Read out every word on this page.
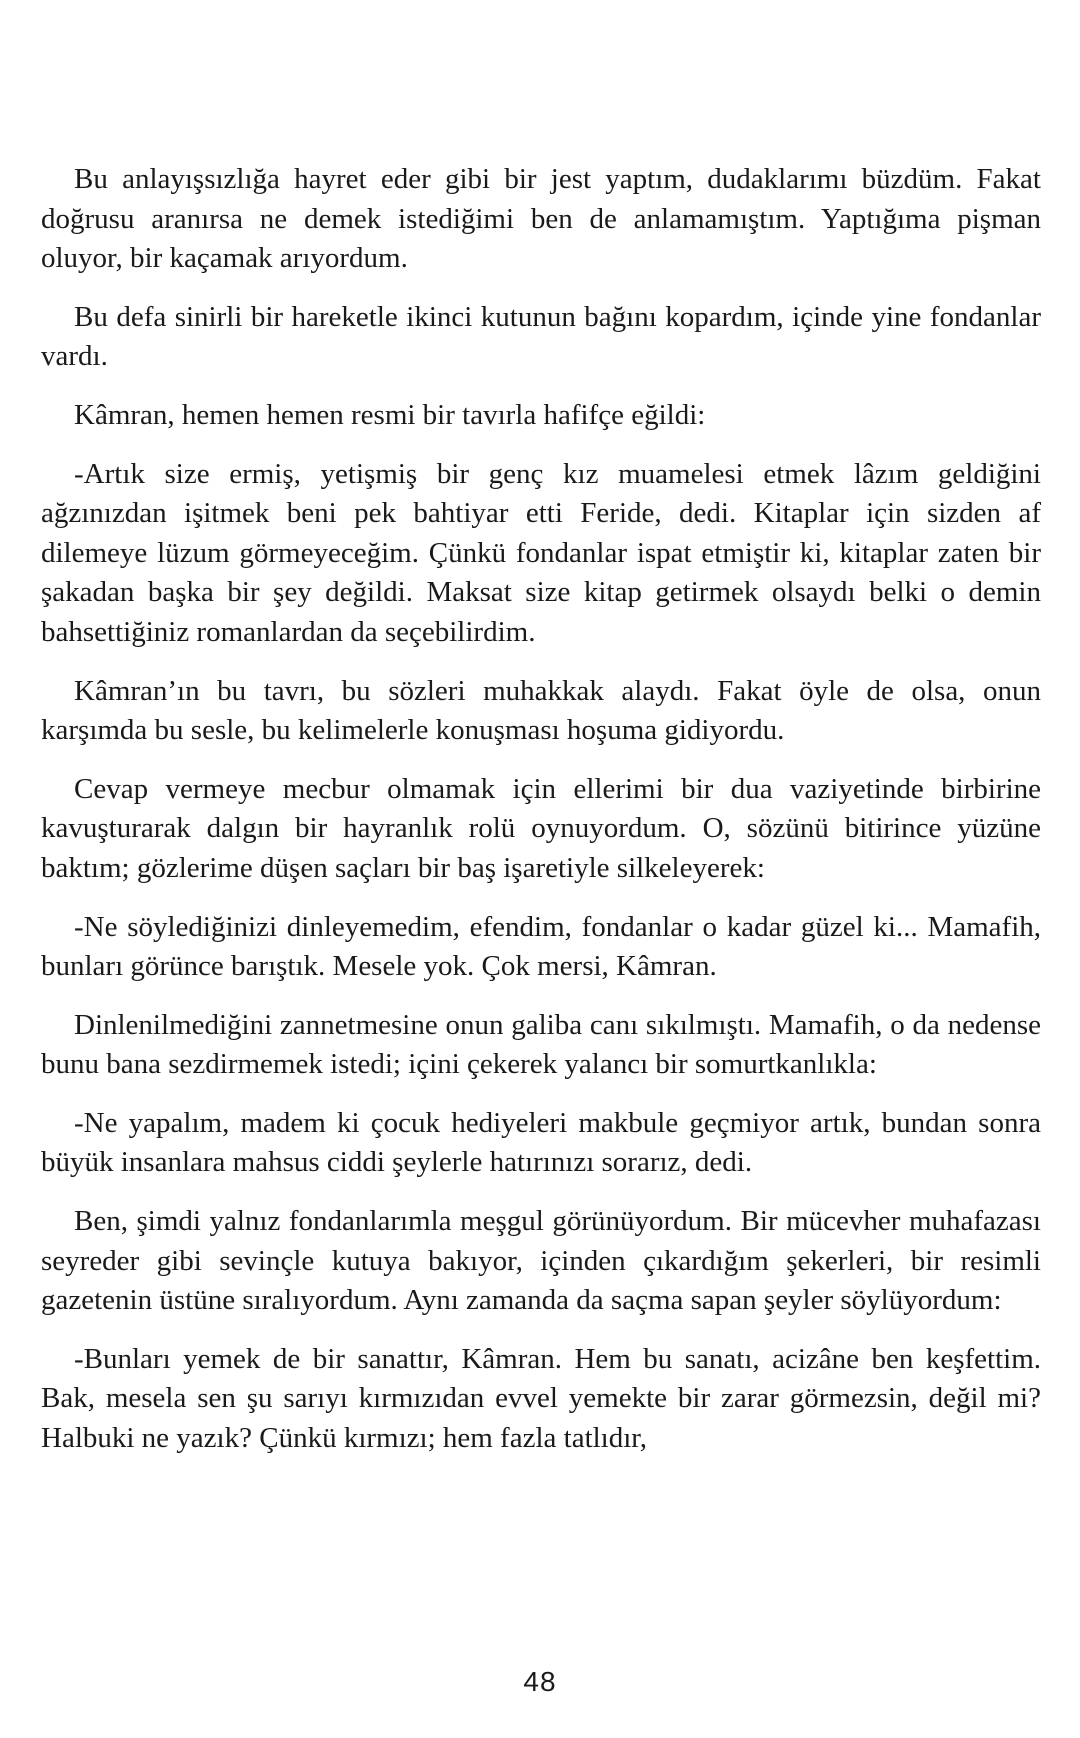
Bu anlayışsızlığa hayret eder gibi bir jest yaptım, dudaklarımı büzdüm. Fakat doğrusu aranırsa ne demek istediğimi ben de anlamamıştım. Yaptığıma pişman oluyor, bir kaçamak arıyordum.

Bu defa sinirli bir hareketle ikinci kutunun bağını kopardım, içinde yine fondanlar vardı.

Kâmran, hemen hemen resmi bir tavırla hafifçe eğildi:

-Artık size ermiş, yetişmiş bir genç kız muamelesi etmek lâzım geldiğini ağzınızdan işitmek beni pek bahtiyar etti Feride, dedi. Kitaplar için sizden af dilemeye lüzum görmeyeceğim. Çünkü fondanlar ispat etmiştir ki, kitaplar zaten bir şakadan başka bir şey değildi. Maksat size kitap getirmek olsaydı belki o demin bahsettiğiniz romanlardan da seçebilirdim.

Kâmran’ın bu tavrı, bu sözleri muhakkak alaydı. Fakat öyle de olsa, onun karşımda bu sesle, bu kelimelerle konuşması hoşuma gidiyordu.

Cevap vermeye mecbur olmamak için ellerimi bir dua vaziyetinde birbirine kavuşturarak dalgın bir hayranlık rolü oynuyordum. O, sözünü bitirince yüzüne baktım; gözlerime düşen saçları bir baş işaretiyle silkeleyerek:

-Ne söylediğinizi dinleyemedim, efendim, fondanlar o kadar güzel ki... Mamafih, bunları görünce barıştık. Mesele yok. Çok mersi, Kâmran.

Dinlenilmediğini zannetmesine onun galiba canı sıkılmıştı. Mamafih, o da nedense bunu bana sezdirmemek istedi; içini çekerek yalancı bir somurtkanlıkla:

-Ne yapalım, madem ki çocuk hediyeleri makbule geçmiyor artık, bundan sonra büyük insanlara mahsus ciddi şeylerle hatırınızı sorarız, dedi.

Ben, şimdi yalnız fondanlarımla meşgul görünüyordum. Bir mücevher muhafazası seyreder gibi sevinçle kutuya bakıyor, içinden çıkardığım şekerleri, bir resimli gazetenin üstüne sıralıyordum. Aynı zamanda da saçma sapan şeyler söylüyordum:

-Bunları yemek de bir sanattır, Kâmran. Hem bu sanatı, acizâne ben keşfettim. Bak, mesela sen şu sarıyı kırmızıdan evvel yemekte bir zarar görmezsin, değil mi? Halbuki ne yazık? Çünkü kırmızı; hem fazla tatlıdır,

48
